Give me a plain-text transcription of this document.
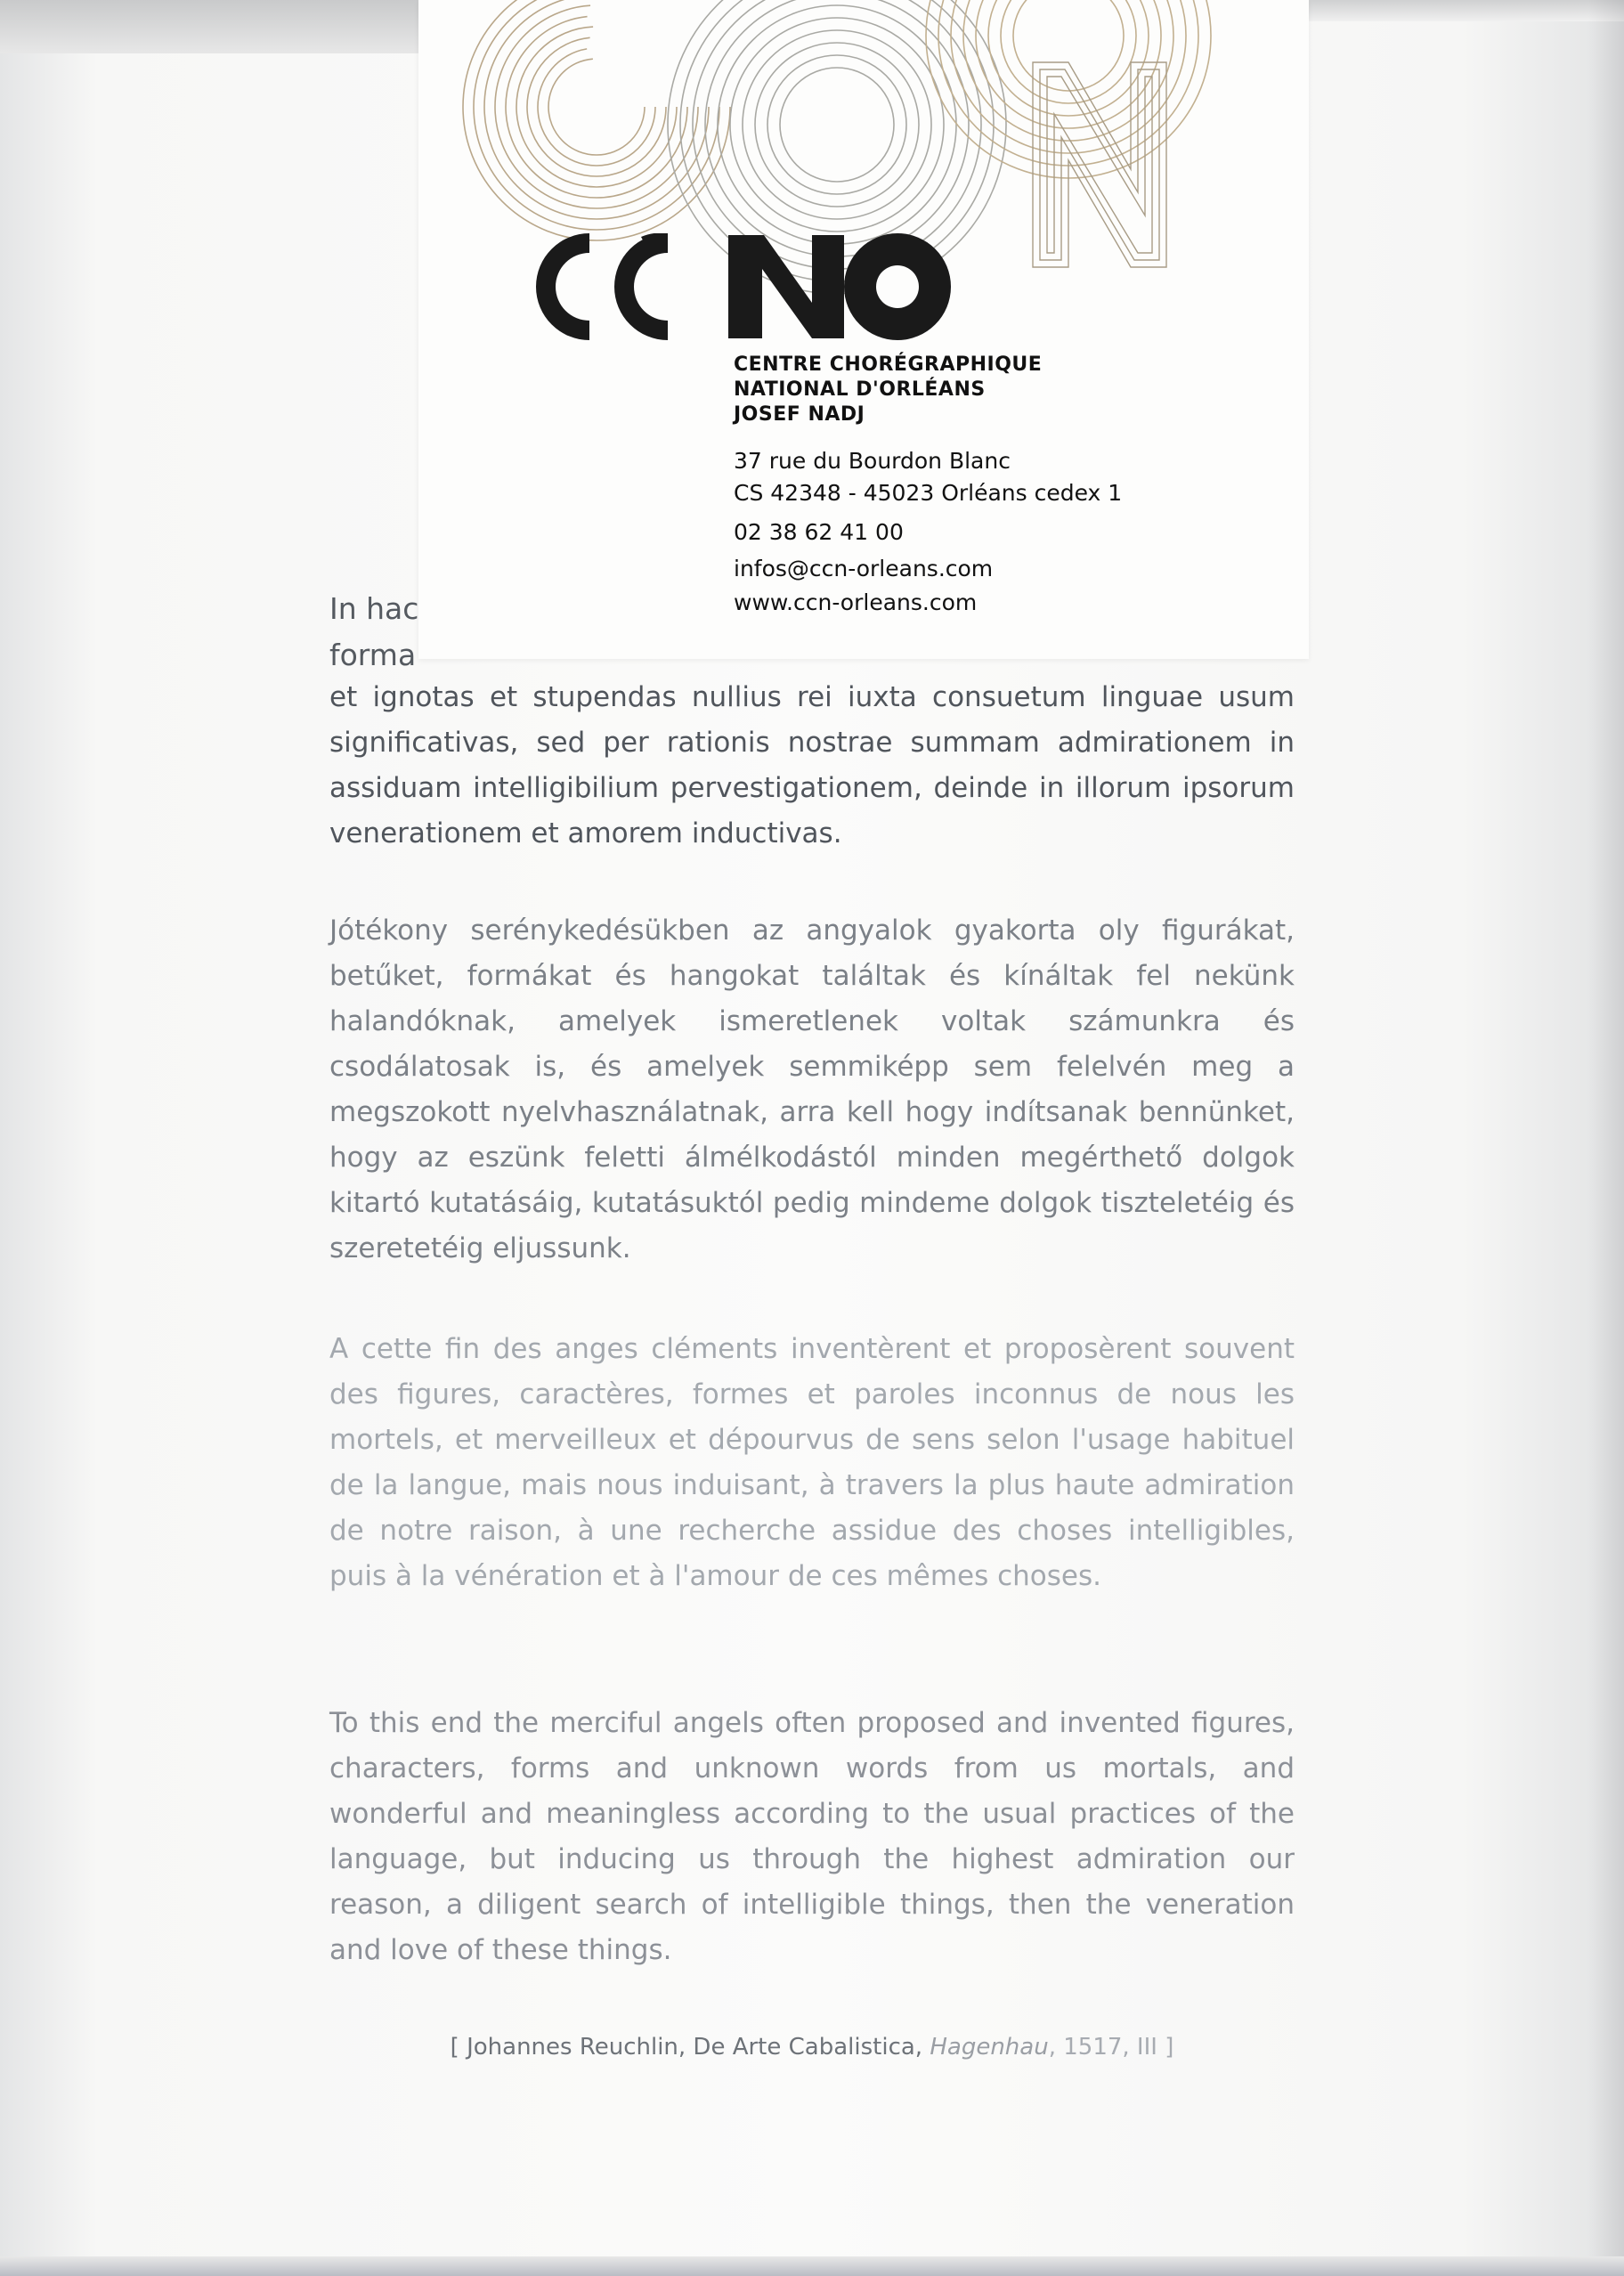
CCNO
CENTRE CHORÉGRAPHIQUE
NATIONAL D'ORLÉANS
JOSEF NADJ
37 rue du Bourdon Blanc
CS 42348 - 45023 Orléans cedex 1
02 38 62 41 00
infos@ccn-orleans.com
www.ccn-orleans.com
In hac
forma

et ignotas et stupendas nullius rei iuxta consuetum linguae usum significativas, sed per rationis nostrae summam admirationem in assiduam intelligibilium pervestigationem, deinde in illorum ipsorum venerationem et amorem inductivas.

Jótékony serénykedésükben az angyalok gyakorta oly figurákat, betűket, formákat és hangokat találtak és kínáltak fel nekünk halandóknak, amelyek ismeretlenek voltak számunkra és csodálatosak is, és amelyek semmiképp sem felelvén meg a megszokott nyelvhasználatnak, arra kell hogy indítsanak bennünket, hogy az eszünk feletti álmélkodástól minden megérthető dolgok kitartó kutatásáig, kutatásuktól pedig mindeme dolgok tiszteletéig és szeretetéig eljussunk.

A cette fin des anges cléments inventèrent et proposèrent souvent des figures, caractères, formes et paroles inconnus de nous les mortels, et merveilleux et dépourvus de sens selon l'usage habituel de la langue, mais nous induisant, à travers la plus haute admiration de notre raison, à une recherche assidue des choses intelligibles, puis à la vénération et à l'amour de ces mêmes choses.

To this end the merciful angels often proposed and invented figures, characters, forms and unknown words from us mortals, and wonderful and meaningless according to the usual practices of the language, but inducing us through the highest admiration our reason, a diligent search of intelligible things, then the veneration and love of these things.

[ Johannes Reuchlin, De Arte Cabalistica, Hagenhau, 1517, III ]
